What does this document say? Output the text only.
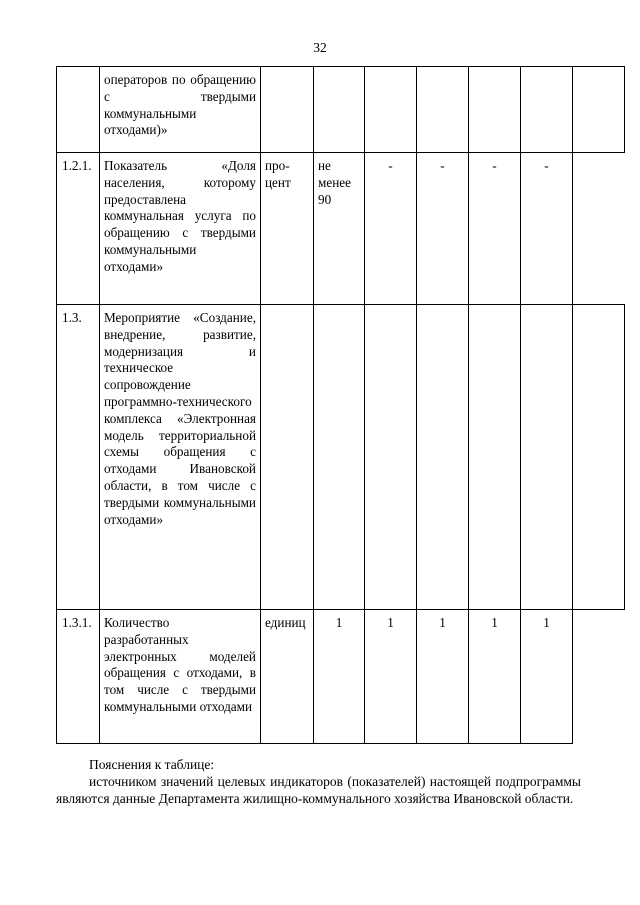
32
	операторов по обращению с твердыми коммунальными отходами)»							
1.2.1.	Показатель «Доля населения, которому предоставлена коммунальная услуга по обращению с твердыми коммунальными отходами»	про-цент	не менее 90	-	-	-	-	
1.3.	Мероприятие «Создание, внедрение, развитие, модернизация и техническое сопровождение программно-технического комплекса «Электронная модель территориальной схемы обращения с отходами Ивановской области, в том числе с твердыми коммунальными отходами»							
1.3.1.	Количество разработанных электронных моделей обращения с отходами, в том числе с твердыми коммунальными отходами	единиц	1	1	1	1	1	

Пояснения к таблице:

источником значений целевых индикаторов (показателей) настоящей подпрограммы являются данные Департамента жилищно-коммунального хозяйства Ивановской области.
